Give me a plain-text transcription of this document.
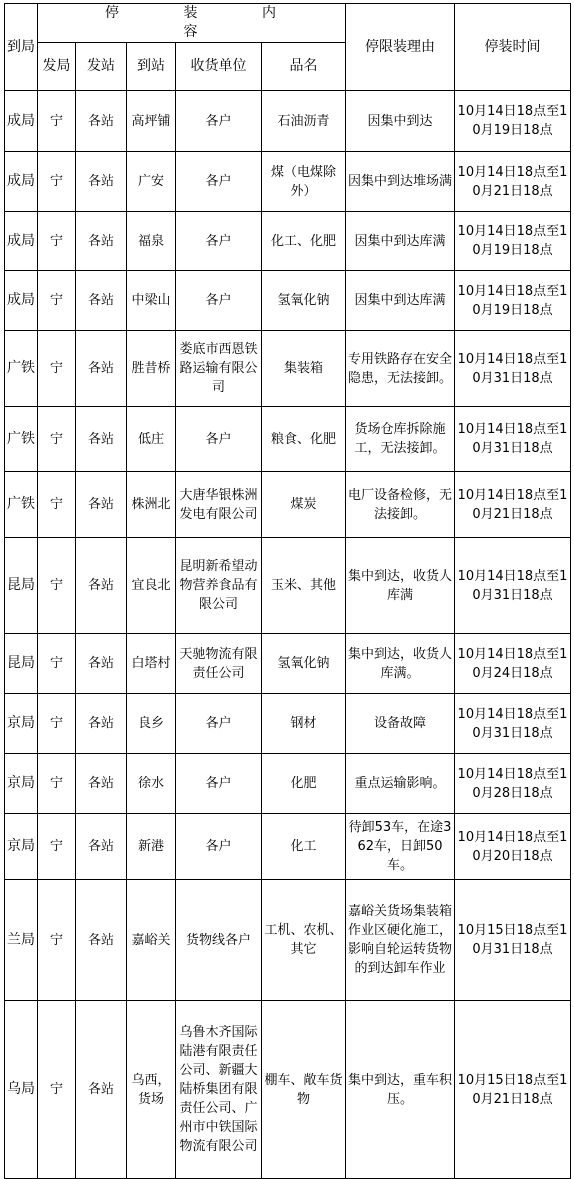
到局	停 装 内 容					停限装理由	停装时间
	发局	发站	到站	收货单位	品名		
成局	宁	各站	高坪铺	各户	石油沥青	因集中到达	10月14日18点至10月19日18点
成局	宁	各站	广安	各户	煤（电煤除外）	因集中到达堆场满	10月14日18点至10月21日18点
成局	宁	各站	福泉	各户	化工、化肥	因集中到达库满	10月14日18点至10月19日18点
成局	宁	各站	中梁山	各户	氢氧化钠	因集中到达库满	10月14日18点至10月19日18点
广铁	宁	各站	胜昔桥	娄底市西恩铁路运输有限公司	集装箱	专用铁路存在安全隐患，无法接卸。	10月14日18点至10月31日18点
广铁	宁	各站	低庄	各户	粮食、化肥	货场仓库拆除施工，无法接卸。	10月14日18点至10月31日18点
广铁	宁	各站	株洲北	大唐华银株洲发电有限公司	煤炭	电厂设备检修，无法接卸。	10月14日18点至10月21日18点
昆局	宁	各站	宜良北	昆明新希望动物营养食品有限公司	玉米、其他	集中到达，收货人库满	10月14日18点至10月31日18点
昆局	宁	各站	白塔村	天驰物流有限责任公司	氢氧化钠	集中到达，收货人库满。	10月14日18点至10月24日18点
京局	宁	各站	良乡	各户	钢材	设备故障	10月14日18点至10月31日18点
京局	宁	各站	徐水	各户	化肥	重点运输影响。	10月14日18点至10月28日18点
京局	宁	各站	新港	各户	化工	待卸53车，在途362车，日卸50车。	10月14日18点至10月20日18点
兰局	宁	各站	嘉峪关	货物线各户	工机、农机、其它	嘉峪关货场集装箱作业区硬化施工，影响自轮运转货物的到达卸车作业	10月15日18点至10月31日18点
乌局	宁	各站	乌西，货场	乌鲁木齐国际陆港有限责任公司、新疆大陆桥集团有限责任公司、广州市中铁国际物流有限公司	棚车、敞车货物	集中到达，重车积压。	10月15日18点至10月21日18点
